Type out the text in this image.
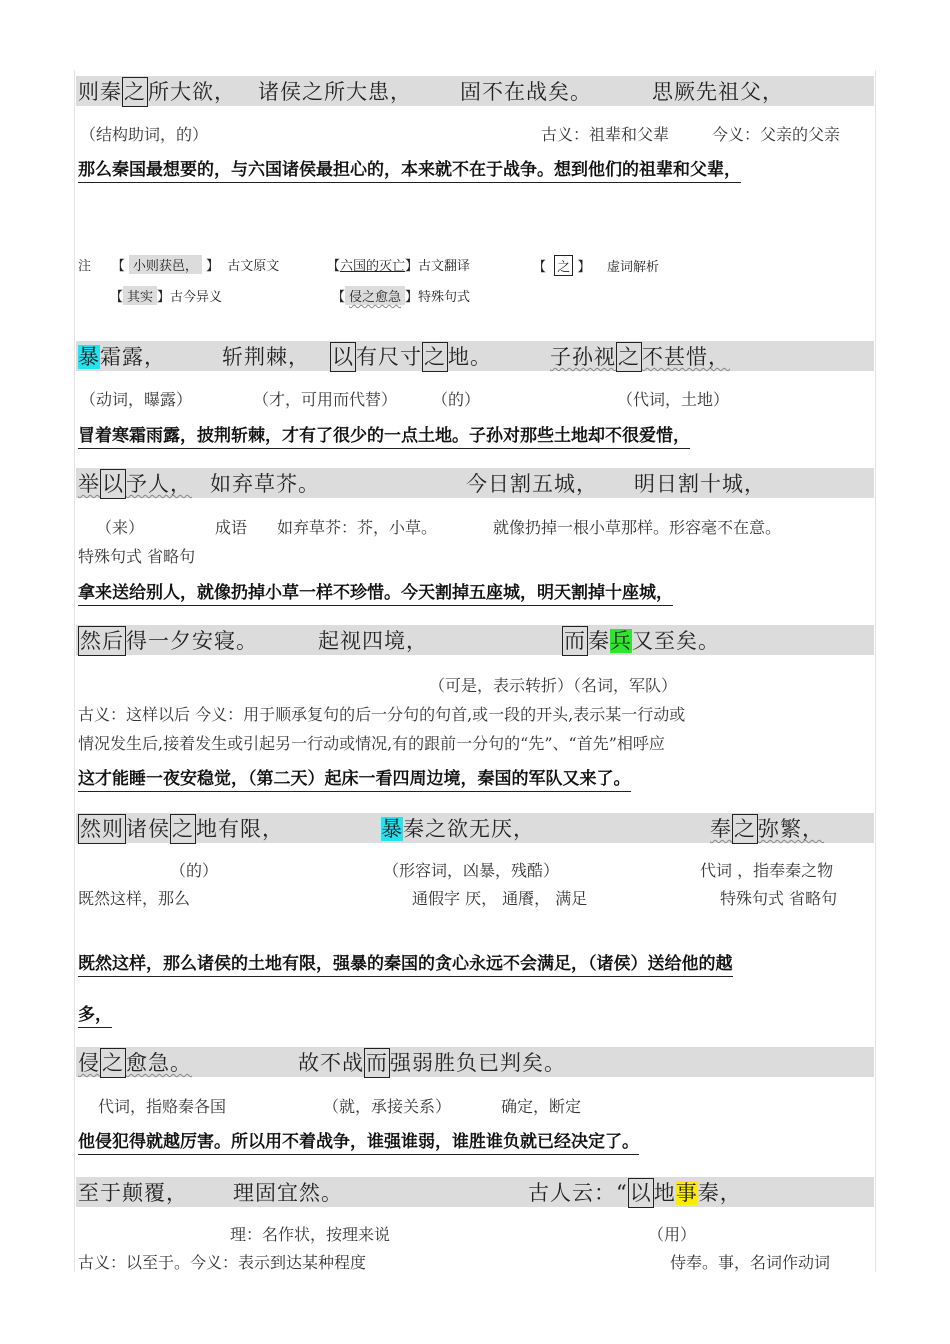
则秦之所大欲， 诸侯之所大患， 固不在战矣。	思厥先祖父，
（结构助词，的）	古义：祖辈和父辈	今义：父亲的父亲
那么秦国最想要的，与六国诸侯最担心的，本来就不在于战争。想到他们的祖辈和父辈，
注 【 小则获邑， 】 古文原文	【六国的灭亡】古文翻译	【 之 】 虚词解析
【 其实 】古今异义	【 侵之愈急 】特殊句式
暴霜露，	斩荆棘， 以有尺寸之地。	子孙视之不甚惜，
（动词，曝露）	（才，可用而代替） （的）	（代词，土地）
冒着寒霜雨露，披荆斩棘，才有了很少的一点土地。子孙对那些土地却不很爱惜，
举以予人， 如弃草芥。	今日割五城， 明日割十城，
（来）	成语 如弃草芥：芥，小草。	就像扔掉一根小草那样。形容毫不在意。
特殊句式 省略句
拿来送给别人，就像扔掉小草一样不珍惜。今天割掉五座城，明天割掉十座城，
然后得一夕安寝。	起视四境，	而秦兵又至矣。
（可是，表示转折）（名词，军队）
古义：这样以后 今义：用于顺承复句的后一分句的句首,或一段的开头,表示某一行动或
情况发生后,接着发生或引起另一行动或情况,有的跟前一分句的“先”、“首先”相呼应
这才能睡一夜安稳觉，（第二天）起床一看四周边境，秦国的军队又来了。
然则诸侯之地有限，	暴秦之欲无厌，	奉之弥繁，
（的）	（形容词，凶暴，残酷）	代词 ，指奉秦之物
既然这样，那么	通假字 厌， 通餍， 满足	特殊句式 省略句
既然这样，那么诸侯的土地有限，强暴的秦国的贪心永远不会满足，（诸侯）送给他的越
多，
侵之愈急。	故不战而强弱胜负已判矣。
代词，指赂秦各国	（就，承接关系）	确定，断定
他侵犯得就越厉害。所以用不着战争，谁强谁弱，谁胜谁负就已经决定了。
至于颠覆， 理固宜然。	古人云：“以地事秦，
理：名作状，按理来说	（用）
古义：以至于。今义：表示到达某种程度	侍奉。事，名词作动词
